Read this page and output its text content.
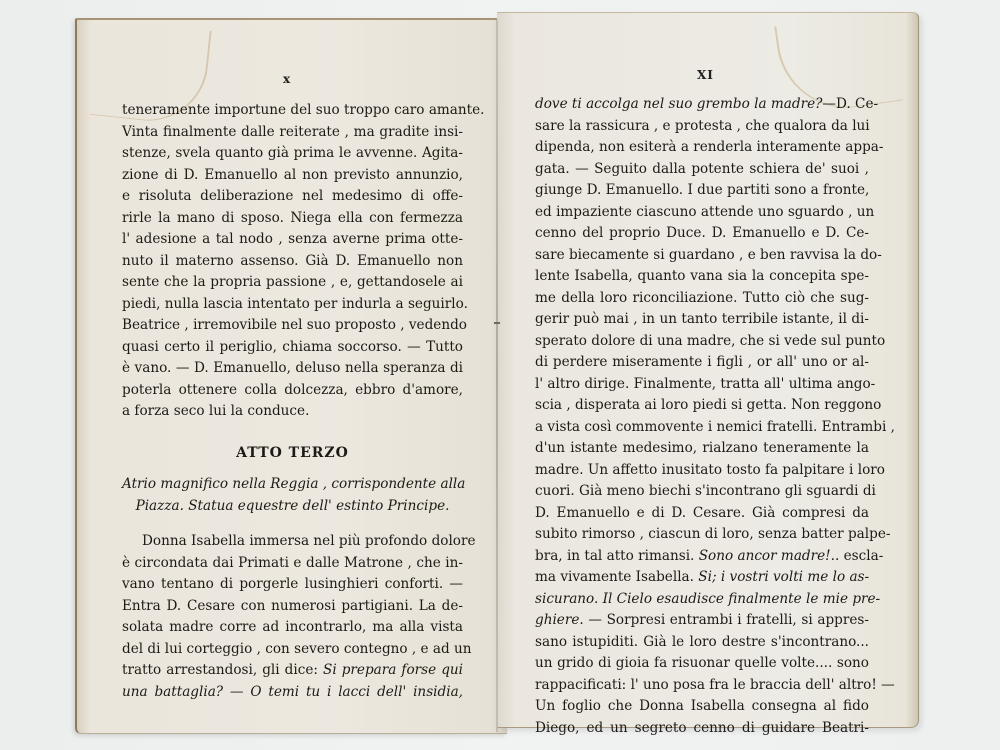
x	XI
teneramente importune del suo troppo caro amante.
Vinta finalmente dalle reiterate , ma gradite insi-
stenze, svela quanto già prima le avvenne. Agita-
zione di D. Emanuello al non previsto annunzio,
e risoluta deliberazione nel medesimo di offe-
rirle la mano di sposo. Niega ella con fermezza
l' adesione a tal nodo , senza averne prima otte-
nuto il materno assenso. Già D. Emanuello non
sente che la propria passione , e, gettandosele ai
piedi, nulla lascia intentato per indurla a seguirlo.
Beatrice , irremovibile nel suo proposto , vedendo
quasi certo il periglio, chiama soccorso. — Tutto
è vano. — D. Emanuello, deluso nella speranza di
poterla ottenere colla dolcezza, ebbro d'amore,
a forza seco lui la conduce.
ATTO TERZO
Atrio magnifico nella Reggia , corrispondente alla
Piazza. Statua equestre dell' estinto Principe.
Donna Isabella immersa nel più profondo dolore
è circondata dai Primati e dalle Matrone , che in-
vano tentano di porgerle lusinghieri conforti. —
Entra D. Cesare con numerosi partigiani. La de-
solata madre corre ad incontrarlo, ma alla vista
del di lui corteggio , con severo contegno , e ad un
tratto arrestandosi, gli dice: Si prepara forse qui
una battaglia? — O temi tu i lacci dell' insidia,
dove ti accolga nel suo grembo la madre?—D. Ce-
sare la rassicura , e protesta , che qualora da lui
dipenda, non esiterà a renderla interamente appa-
gata. — Seguito dalla potente schiera de' suoi ,
giunge D. Emanuello. I due partiti sono a fronte,
ed impaziente ciascuno attende uno sguardo , un
cenno del proprio Duce. D. Emanuello e D. Ce-
sare biecamente si guardano , e ben ravvisa la do-
lente Isabella, quanto vana sia la concepita spe-
me della loro riconciliazione. Tutto ciò che sug-
gerir può mai , in un tanto terribile istante, il di-
sperato dolore di una madre, che si vede sul punto
di perdere miseramente i figli , or all' uno or al-
l' altro dirige. Finalmente, tratta all' ultima ango-
scia , disperata ai loro piedi si getta. Non reggono
a vista così commovente i nemici fratelli. Entrambi ,
d'un istante medesimo, rialzano teneramente la
madre. Un affetto inusitato tosto fa palpitare i loro
cuori. Già meno biechi s'incontrano gli sguardi di
D. Emanuello e di D. Cesare. Già compresi da
subito rimorso , ciascun di loro, senza batter palpe-
bra, in tal atto rimansi. Sono ancor madre!.. escla-
ma vivamente Isabella. Si; i vostri volti me lo as-
sicurano. Il Cielo esaudisce finalmente le mie pre-
ghiere. — Sorpresi entrambi i fratelli, si appres-
sano istupiditi. Già le loro destre s'incontrano...
un grido di gioia fa risuonar quelle volte.... sono
rappacificati: l' uno posa fra le braccia dell' altro! —
Un foglio che Donna Isabella consegna al fido
Diego, ed un segreto cenno di guidare Beatri-
